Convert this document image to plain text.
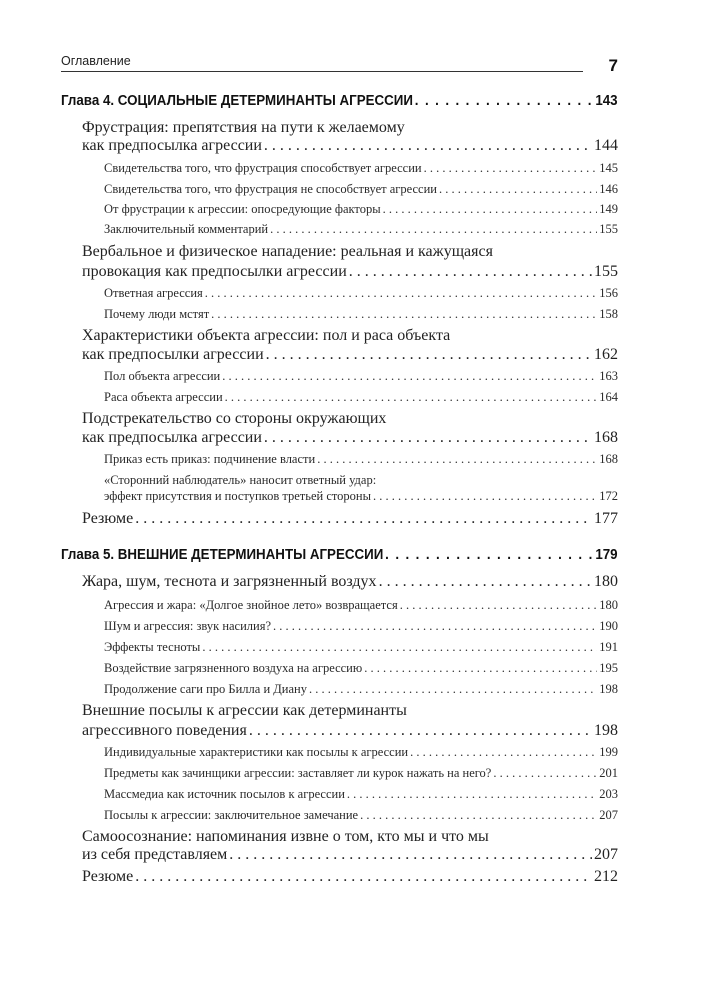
Оглавление	7
Глава 4. СОЦИАЛЬНЫЕ ДЕТЕРМИНАНТЫ АГРЕССИИ . . .	143
Фрустрация: препятствия на пути к желаемому
как предпосылка агрессии . . .	144
Свидетельства того, что фрустрация способствует агрессии . . .	145
Свидетельства того, что фрустрация не способствует агрессии . . .	146
От фрустрации к агрессии: опосредующие факторы . . .	149
Заключительный комментарий . . .	155
Вербальное и физическое нападение: реальная и кажущаяся
провокация как предпосылки агрессии . . .	155
Ответная агрессия . . .	156
Почему люди мстят . . .	158
Характеристики объекта агрессии: пол и раса объекта
как предпосылки агрессии . . .	162
Пол объекта агрессии . . .	163
Раса объекта агрессии . . .	164
Подстрекательство со стороны окружающих
как предпосылка агрессии . . .	168
Приказ есть приказ: подчинение власти . . .	168
«Сторонний наблюдатель» наносит ответный удар:
эффект присутствия и поступков третьей стороны . . .	172
Резюме . . .	177
Глава 5. ВНЕШНИЕ ДЕТЕРМИНАНТЫ АГРЕССИИ . . .	179
Жара, шум, теснота и загрязненный воздух . . .	180
Агрессия и жара: «Долгое знойное лето» возвращается . . .	180
Шум и агрессия: звук насилия? . . .	190
Эффекты тесноты . . .	191
Воздействие загрязненного воздуха на агрессию . . .	195
Продолжение саги про Билла и Диану . . .	198
Внешние посылы к агрессии как детерминанты
агрессивного поведения . . .	198
Индивидуальные характеристики как посылы к агрессии . . .	199
Предметы как зачинщики агрессии: заставляет ли курок нажать на него? . . .	201
Массмедиа как источник посылов к агрессии . . .	203
Посылы к агрессии: заключительное замечание . . .	207
Самоосознание: напоминания извне о том, кто мы и что мы
из себя представляем . . .	207
Резюме . . .	212
